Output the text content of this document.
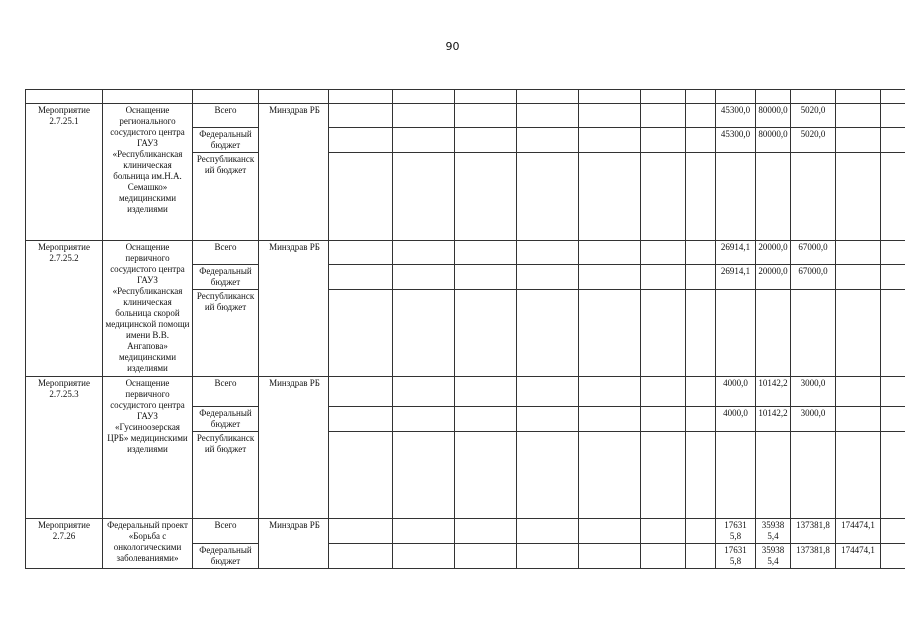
90

Мероприятие 2.7.25.1	Оснащение регионального сосудистого центра ГАУЗ «Республиканская клиническая больница им.Н.А. Семашко» медицинскими изделиями	Всего	Минздрав РБ								45300,0	80000,0	5020,0		
		Федеральный бюджет									45300,0	80000,0	5020,0		
		Республиканский бюджет													
Мероприятие 2.7.25.2	Оснащение первичного сосудистого центра ГАУЗ «Республиканская клиническая больница скорой медицинской помощи имени В.В. Ангапова» медицинскими изделиями	Всего	Минздрав РБ								26914,1	20000,0	67000,0		
		Федеральный бюджет									26914,1	20000,0	67000,0		
		Республиканский бюджет													
Мероприятие 2.7.25.3	Оснащение первичного сосудистого центра ГАУЗ «Гусиноозерская ЦРБ» медицинскими изделиями	Всего	Минздрав РБ								4000,0	10142,2	3000,0		
		Федеральный бюджет									4000,0	10142,2	3000,0		
		Республиканский бюджет													
Мероприятие 2.7.26	Федеральный проект «Борьба с онкологическими заболеваниями»	Всего	Минздрав РБ								17631 5,8	35938 5,4	137381,8	174474,1	
		Федеральный бюджет									17631 5,8	35938 5,4	137381,8	174474,1	
